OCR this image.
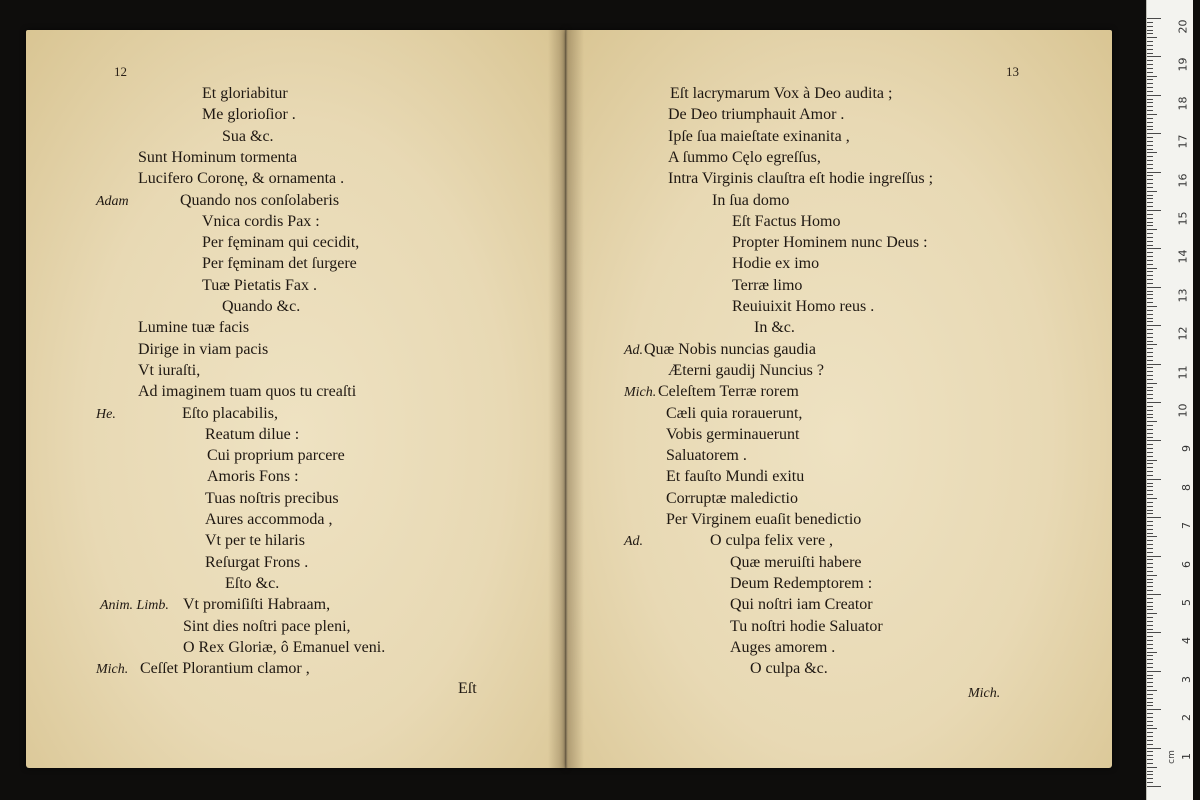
Et gloriabitur

Me glorioſior .

Sua &c.

Sunt Hominum tormenta

Lucifero Coronę, & ornamenta .

Quando nos conſolaberis

Adam

Vnica cordis Pax :

Per fęminam qui cecidit,

Per fęminam det ſurgere

Tuæ Pietatis Fax .

Quando &c.

Lumine tuæ facis

Dirige in viam pacis

Vt iuraſti,

Ad imaginem tuam quos tu creaſti

Eſto placabilis,

He.

Reatum dilue :

Cui proprium parcere

Amoris Fons :

Tuas noſtris precibus

Aures accommoda ,

Vt per te hilaris

Reſurgat Frons .

Eſto &c.

Vt promiſiſti Habraam,

Anim. Limb.

Sint dies noſtri pace pleni,

O Rex Gloriæ, ô Emanuel veni.

Ceſſet Plorantium clamor ,

Mich.

Eſt lacrymarum Vox à Deo audita ;

De Deo triumphauit Amor .

Ipſe ſua maieſtate exinanita ,

A ſummo Cęlo egreſſus,

Intra Virginis clauſtra eſt hodie ingreſſus ;

In ſua domo

Eſt Factus Homo

Propter Hominem nunc Deus :

Hodie ex imo

Terræ limo

Reuiuixit Homo reus .

In &c.

Quæ Nobis nuncias gaudia

Ad.

Æterni gaudij Nuncius ?

Celeſtem Terræ rorem

Mich.

Cæli quia rorauerunt,

Vobis germinauerunt

Saluatorem .

Et fauſto Mundi exitu

Corruptæ maledictio

Per Virginem euaſit benedictio

O culpa felix vere ,

Ad.

Quæ meruiſti habere

Deum Redemptorem :

Qui noſtri iam Creator

Tu noſtri hodie Saluator

Auges amorem .

O culpa &c.

12	13
Eſt	Mich.
20
19
18
17
16
15
14
13
12
11
10
9
8
7
6
5
4
3
2
1
cm
